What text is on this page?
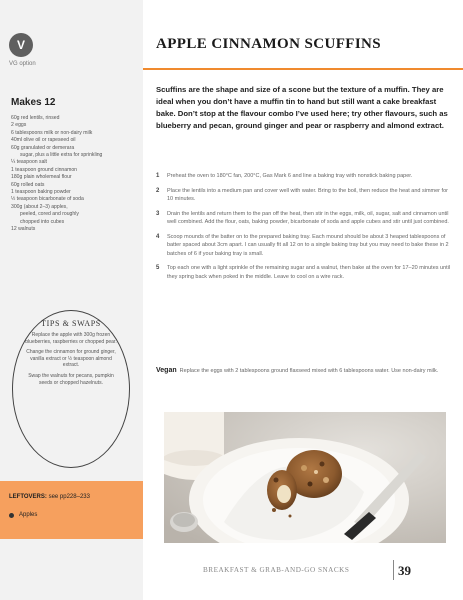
V
VG option
Makes 12
60g red lentils, rinsed
2 eggs
6 tablespoons milk or non-dairy milk
40ml olive oil or rapeseed oil
60g granulated or demerara
sugar, plus a little extra for sprinkling
¼ teaspoon salt
1 teaspoon ground cinnamon
180g plain wholemeal flour
60g rolled oats
1 teaspoon baking powder
½ teaspoon bicarbonate of soda
300g (about 2–3) apples,
peeled, cored and roughly
chopped into cubes
12 walnuts
TIPS & SWAPS
Replace the apple with 300g frozen blueberries, raspberries or chopped pear.
Change the cinnamon for ground ginger, vanilla extract or ½ teaspoon almond extract.
Swap the walnuts for pecans, pumpkin seeds or chopped hazelnuts.
LEFTOVERS: see pp228–233
Apples
APPLE CINNAMON SCUFFINS

Scuffins are the shape and size of a scone but the texture of a muffin. They are ideal when you don’t have a muffin tin to hand but still want a cake breakfast bake. Don’t stop at the flavour combo I’ve used here; try other flavours, such as blueberry and pecan, ground ginger and pear or raspberry and almond extract.

1	Preheat the oven to 180°C fan, 200°C, Gas Mark 6 and line a baking tray with nonstick baking paper.
2	Place the lentils into a medium pan and cover well with water. Bring to the boil, then reduce the heat and simmer for 10 minutes.
3	Drain the lentils and return them to the pan off the heat, then stir in the eggs, milk, oil, sugar, salt and cinnamon until well combined. Add the flour, oats, baking powder, bicarbonate of soda and apple cubes and stir until just combined.
4	Scoop mounds of the batter on to the prepared baking tray. Each mound should be about 3 heaped tablespoons of batter spaced about 3cm apart. I can usually fit all 12 on to a single baking tray but you may need to bake these in 2 batches of 6 if your baking tray is small.
5	Top each one with a light sprinkle of the remaining sugar and a walnut, then bake at the oven for 17–20 minutes until they spring back when poked in the middle. Leave to cool on a wire rack.

Vegan Replace the eggs with 2 tablespoons ground flaxseed mixed with 6 tablespoons water. Use non-dairy milk.

BREAKFAST & GRAB-AND-GO SNACKS	39
